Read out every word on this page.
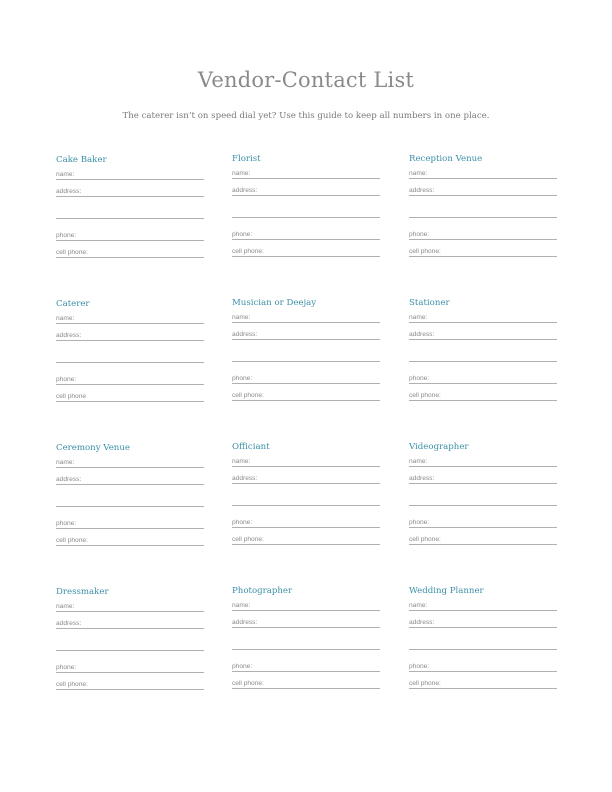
Vendor-Contact List
The caterer isn’t on speed dial yet? Use this guide to keep all numbers in one place.
Cake Baker
name:
address:
phone:
cell phone:
Florist
name:
address:
phone:
cell phone:
Reception Venue
name:
address:
phone:
cell phone:
Caterer
name:
address:
phone:
cell phone
Musician or Deejay
name:
address:
phone:
cell phone:
Stationer
name:
address:
phone:
cell phone:
Ceremony Venue
name:
address:
phone:
cell phone:
Officiant
name:
address:
phone:
cell phone:
Videographer
name:
address:
phone:
cell phone:
Dressmaker
name:
address:
phone:
cell phone:
Photographer
name:
address:
phone:
cell phone:
Wedding Planner
name:
address:
phone:
cell phone:
